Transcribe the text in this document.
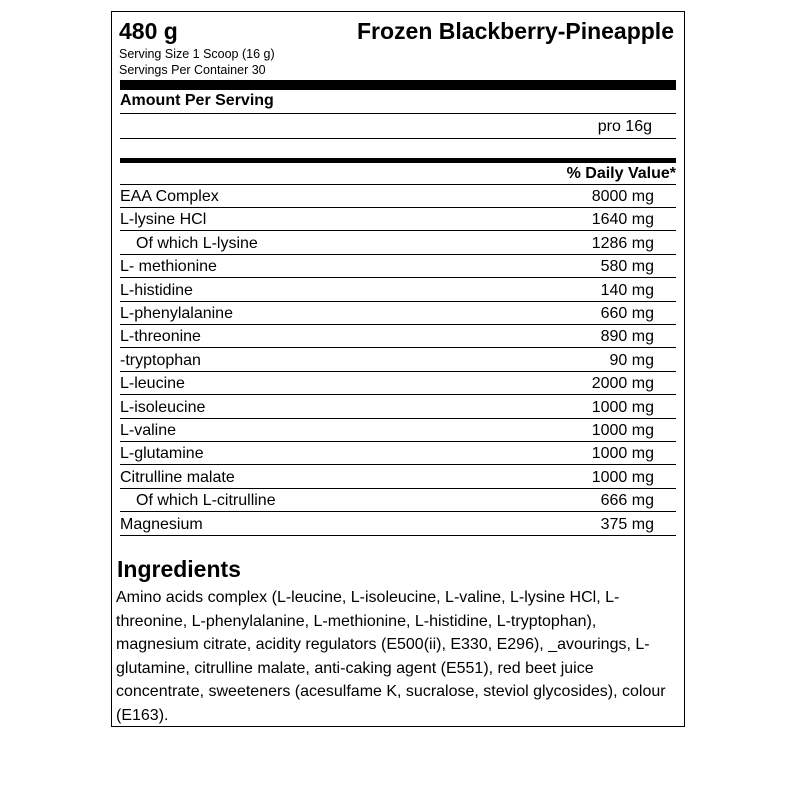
480 g	Frozen Blackberry-Pineapple
Serving Size 1 Scoop (16 g)
Servings Per Container 30
Amount Per Serving
pro 16g
% Daily Value*
EAA Complex	8000 mg
L-lysine HCl	1640 mg
Of which L-lysine	1286 mg
L- methionine	580 mg
L-histidine	140 mg
L-phenylalanine	660 mg
L-threonine	890 mg
-tryptophan	90 mg
L-leucine	2000 mg
L-isoleucine	1000 mg
L-valine	1000 mg
L-glutamine	1000 mg
Citrulline malate	1000 mg
Of which L-citrulline	666 mg
Magnesium	375 mg
Ingredients
Amino acids complex (L-leucine, L-isoleucine, L-valine, L-lysine HCl, L-threonine, L-phenylalanine, L-methionine, L-histidine, L-tryptophan), magnesium citrate, acidity regulators (E500(ii), E330, E296), _avourings, L-glutamine, citrulline malate, anti-caking agent (E551), red beet juice concentrate, sweeteners (acesulfame K, sucralose, steviol glycosides), colour (E163).
